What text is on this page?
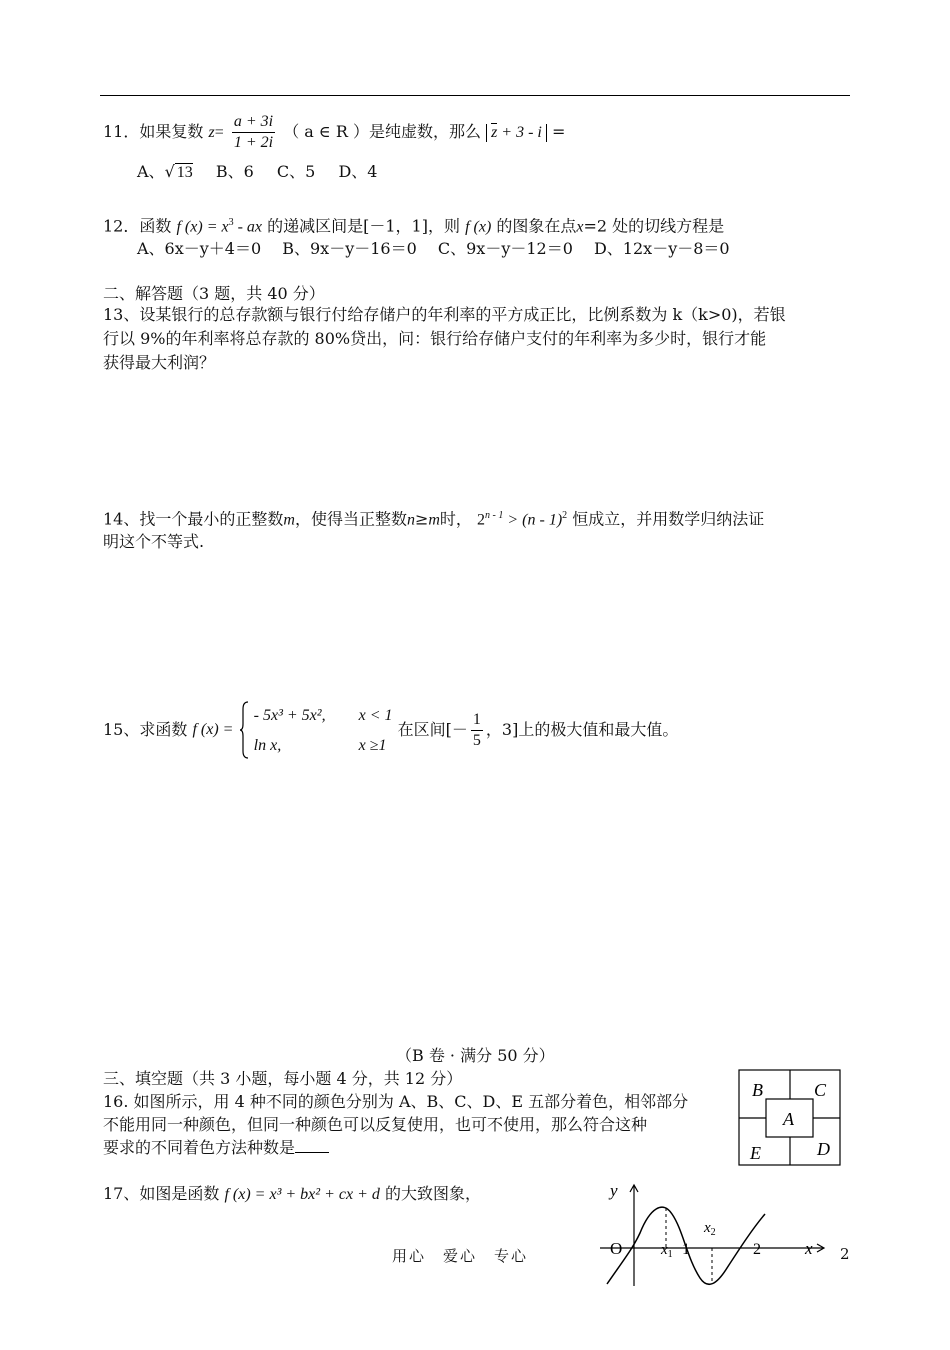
11．如果复数 $z= \frac{a + 3i}{1 + 2i}$ （ a ∈ R ）是纯虚数，那么 z + 3 - i =
A、√ 13 B、6 C、5 D、4
12．函数 f $(x) = x^3$ - ax 的递减区间是[－1，1]，则 f (x) 的图象在点x=2 处的切线方程是
A、6x－y＋4＝0　 B、9x－y－16＝0　 C、9x－y－12＝0　 D、12x－y－8＝0
二、解答题（3 题，共 40 分）
13、设某银行的总存款额与银行付给存储户的年利率的平方成正比，比例系数为 k（k>0)，若银
行以 9%的年利率将总存款的 80%贷出，问：银行给存储户支付的年利率为多少时，银行才能
获得最大利润？
14、找一个最小的正整数m，使得当正整数n≥m时， $2^{n - 1} > (n - 1)^2$ 恒成立，并用数学归纳法证
明这个不等式.
15、求函数 f (x) =
- 5x³ + 5x²,x < 1
ln x,	x ≥1
在区间[－ $\frac{1}{5}$ ，3]上的极大值和最大值。
（B 卷 · 满分 50 分）
三、填空题（共 3 小题，每小题 4 分，共 12 分）
16. 如图所示，用 4 种不同的颜色分别为 A、B、C、D、E 五部分着色，相邻部分
不能用同一种颜色，但同一种颜色可以反复使用，也可不使用，那么符合这种
要求的不同着色方法种数是
B	C
A
E	D
17、如图是函数 f (x) = x³ + bx² + cx + d 的大致图象，	y
x
O	$x_1$ 1
$x_2$
2
用心　爱心　专心	2
